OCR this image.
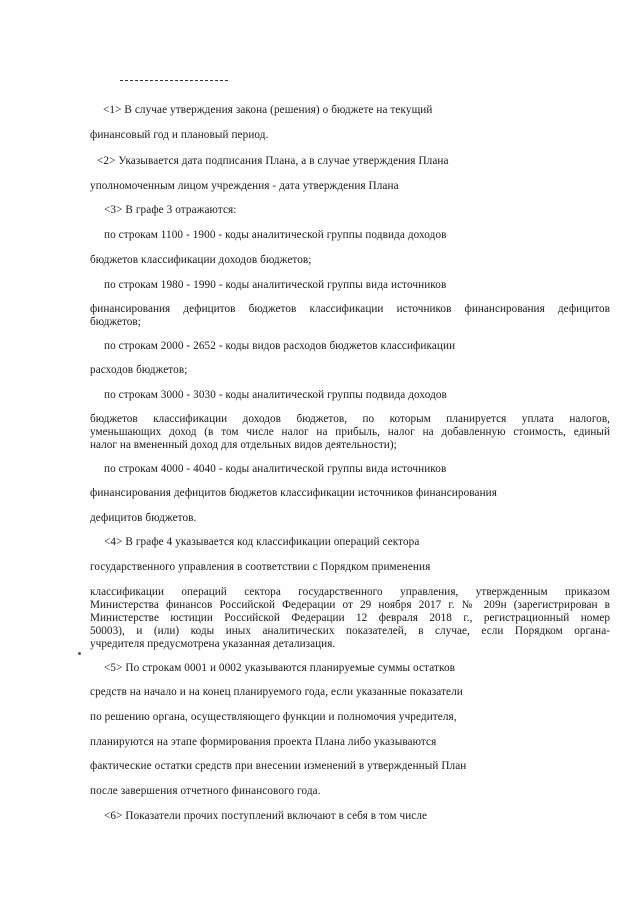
<1> В случае утверждения закона (решения) о бюджете на текущий
финансовый год и плановый период.
<2> Указывается дата подписания Плана, а в случае утверждения Плана
уполномоченным лицом учреждения - дата утверждения Плана
<3> В графе 3 отражаются:
по строкам 1100 - 1900 - коды аналитической группы подвида доходов
бюджетов классификации доходов бюджетов;
по строкам 1980 - 1990 - коды аналитической группы вида источников
финансирования дефицитов бюджетов классификации источников финансирования дефицитов
бюджетов;
по строкам 2000 - 2652 - коды видов расходов бюджетов классификации
расходов бюджетов;
по строкам 3000 - 3030 - коды аналитической группы подвида доходов
бюджетов классификации доходов бюджетов, по которым планируется уплата налогов,
уменьшающих доход (в том числе налог на прибыль, налог на добавленную стоимость, единый
налог на вмененный доход для отдельных видов деятельности);
по строкам 4000 - 4040 - коды аналитической группы вида источников
финансирования дефицитов бюджетов классификации источников финансирования
дефицитов бюджетов.
<4> В графе 4 указывается код классификации операций сектора
государственного управления в соответствии с Порядком применения
классификации операций сектора государственного управления, утвержденным приказом
Министерства финансов Российской Федерации от 29 ноября 2017 г. № 209н (зарегистрирован в
Министерстве юстиции Российской Федерации 12 февраля 2018 г., регистрационный номер
50003), и (или) коды иных аналитических показателей, в случае, если Порядком органа-
учредителя предусмотрена указанная детализация.
<5> По строкам 0001 и 0002 указываются планируемые суммы остатков
средств на начало и на конец планируемого года, если указанные показатели
по решению органа, осуществляющего функции и полномочия учредителя,
планируются на этапе формирования проекта Плана либо указываются
фактические остатки средств при внесении изменений в утвержденный План
после завершения отчетного финансового года.
<6> Показатели прочих поступлений включают в себя в том числе
